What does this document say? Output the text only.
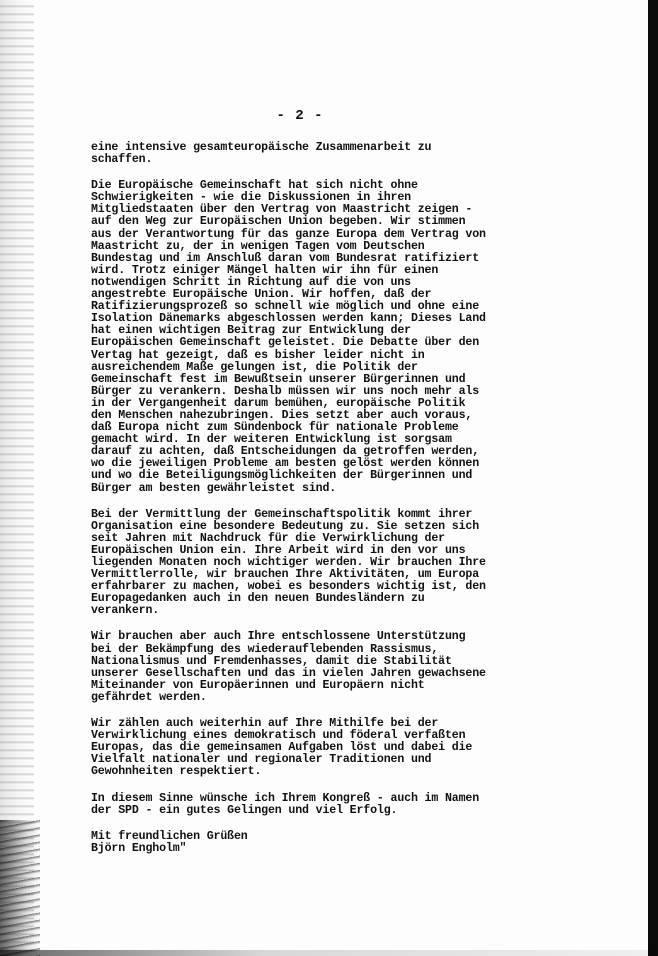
- 2 -
eine intensive gesamteuropäische Zusammenarbeit zu
schaffen.
Die Europäische Gemeinschaft hat sich nicht ohne
Schwierigkeiten - wie die Diskussionen in ihren
Mitgliedstaaten über den Vertrag von Maastricht zeigen -
auf den Weg zur Europäischen Union begeben. Wir stimmen
aus der Verantwortung für das ganze Europa dem Vertrag von
Maastricht zu, der in wenigen Tagen vom Deutschen
Bundestag und im Anschluß daran vom Bundesrat ratifiziert
wird. Trotz einiger Mängel halten wir ihn für einen
notwendigen Schritt in Richtung auf die von uns
angestrebte Europäische Union. Wir hoffen, daß der
Ratifizierungsprozeß so schnell wie möglich und ohne eine
Isolation Dänemarks abgeschlossen werden kann; Dieses Land
hat einen wichtigen Beitrag zur Entwicklung der
Europäischen Gemeinschaft geleistet. Die Debatte über den
Vertag hat gezeigt, daß es bisher leider nicht in
ausreichendem Maße gelungen ist, die Politik der
Gemeinschaft fest im Bewußtsein unserer Bürgerinnen und
Bürger zu verankern. Deshalb müssen wir uns noch mehr als
in der Vergangenheit darum bemühen, europäische Politik
den Menschen nahezubringen. Dies setzt aber auch voraus,
daß Europa nicht zum Sündenbock für nationale Probleme
gemacht wird. In der weiteren Entwicklung ist sorgsam
darauf zu achten, daß Entscheidungen da getroffen werden,
wo die jeweiligen Probleme am besten gelöst werden können
und wo die Beteiligungsmöglichkeiten der Bürgerinnen und
Bürger am besten gewährleistet sind.
Bei der Vermittlung der Gemeinschaftspolitik kommt ihrer
Organisation eine besondere Bedeutung zu. Sie setzen sich
seit Jahren mit Nachdruck für die Verwirklichung der
Europäischen Union ein. Ihre Arbeit wird in den vor uns
liegenden Monaten noch wichtiger werden. Wir brauchen Ihre
Vermittlerrolle, wir brauchen Ihre Aktivitäten, um Europa
erfahrbarer zu machen, wobei es besonders wichtig ist, den
Europagedanken auch in den neuen Bundesländern zu
verankern.
Wir brauchen aber auch Ihre entschlossene Unterstützung
bei der Bekämpfung des wiederauflebenden Rassismus,
Nationalismus und Fremdenhasses, damit die Stabilität
unserer Gesellschaften und das in vielen Jahren gewachsene
Miteinander von Europäerinnen und Europäern nicht
gefährdet werden.
Wir zählen auch weiterhin auf Ihre Mithilfe bei der
Verwirklichung eines demokratisch und föderal verfaßten
Europas, das die gemeinsamen Aufgaben löst und dabei die
Vielfalt nationaler und regionaler Traditionen und
Gewohnheiten respektiert.
In diesem Sinne wünsche ich Ihrem Kongreß - auch im Namen
der SPD - ein gutes Gelingen und viel Erfolg.
Mit freundlichen Grüßen
Björn Engholm"
